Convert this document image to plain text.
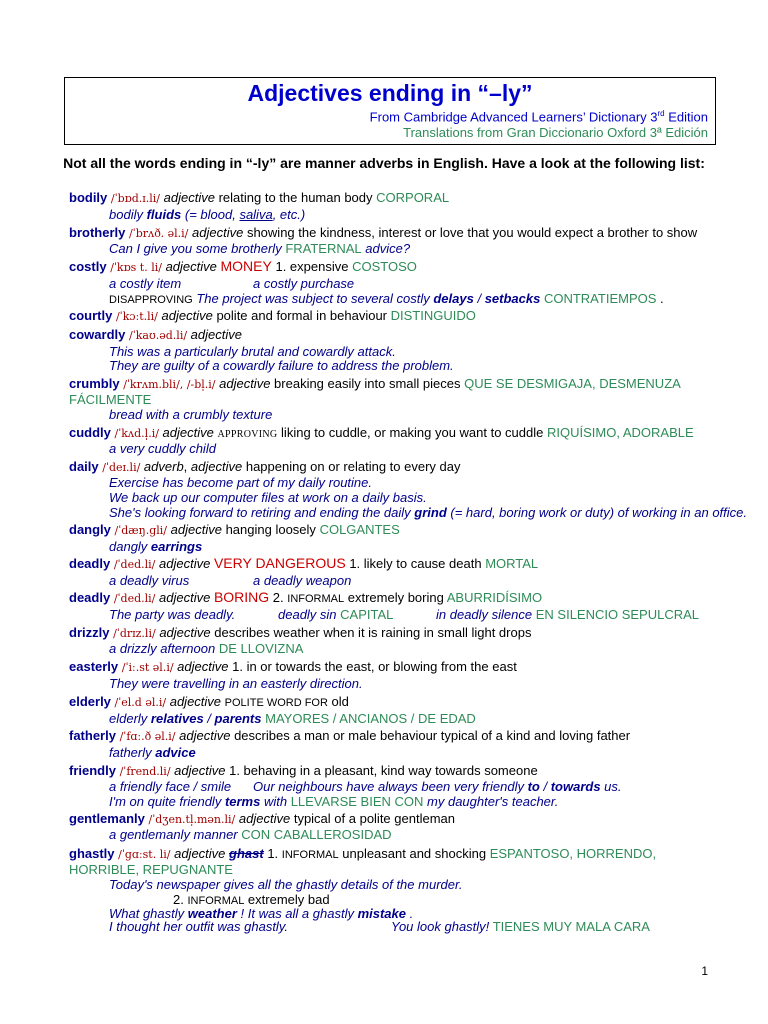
Adjectives ending in “–ly”
From Cambridge Advanced Learners’ Dictionary 3rd Edition
Translations from Gran Diccionario Oxford 3ª Edición
Not all the words ending in “-ly” are manner adverbs in English. Have a look at the following list:
bodily /ˈbɒd.ɪ.li/ adjective relating to the human body CORPORAL
bodily fluids (= blood, saliva, etc.)
brotherly /ˈbrʌð. əl.i/ adjective showing the kindness, interest or love that you would expect a brother to show
Can I give you some brotherly FRATERNAL advice?
costly /ˈkɒs t. li/ adjective MONEY 1. expensive COSTOSO
a costly item	a costly purchase
DISAPPROVING The project was subject to several costly delays / setbacks CONTRATIEMPOS .
courtly /ˈkɔːt.li/ adjective polite and formal in behaviour DISTINGUIDO
cowardly /ˈkaʊ.əd.li/ adjective
This was a particularly brutal and cowardly attack.
They are guilty of a cowardly failure to address the problem.
crumbly /ˈkrʌm.bli/, /-bl̩.i/ adjective breaking easily into small pieces QUE SE DESMIGAJA, DESMENUZA
FÁCILMENTE
bread with a crumbly texture
cuddly /ˈkʌd.l̩.i/ adjective APPROVING liking to cuddle, or making you want to cuddle RIQUÍSIMO, ADORABLE
a very cuddly child
daily /ˈdeɪ.li/ adverb, adjective happening on or relating to every day
Exercise has become part of my daily routine.
We back up our computer files at work on a daily basis.
She's looking forward to retiring and ending the daily grind (= hard, boring work or duty) of working in an office.
dangly /ˈdæŋ.gli/ adjective hanging loosely COLGANTES
dangly earrings
deadly /ˈded.li/ adjective VERY DANGEROUS 1. likely to cause death MORTAL
a deadly virus	a deadly weapon
deadly /ˈded.li/ adjective BORING 2. INFORMAL extremely boring ABURRIDÍSIMO
The party was deadly.	deadly sin CAPITAL	in deadly silence EN SILENCIO SEPULCRAL
drizzly /ˈdrɪz.li/ adjective describes weather when it is raining in small light drops
a drizzly afternoon DE LLOVIZNA
easterly /ˈiː.st əl.i/ adjective 1. in or towards the east, or blowing from the east
They were travelling in an easterly direction.
elderly /ˈel.d əl.i/ adjective POLITE WORD FOR old
elderly relatives / parents MAYORES / ANCIANOS / DE EDAD
fatherly /ˈfɑː.ð əl.i/ adjective describes a man or male behaviour typical of a kind and loving father
fatherly advice
friendly /ˈfrend.li/ adjective 1. behaving in a pleasant, kind way towards someone
a friendly face / smile Our neighbours have always been very friendly to / towards us.
I'm on quite friendly terms with LLEVARSE BIEN CON my daughter's teacher.
gentlemanly /ˈdʒen.tl̩.mən.li/ adjective typical of a polite gentleman
a gentlemanly manner CON CABALLEROSIDAD
ghastly /ˈgɑːst. li/ adjective ghast 1. INFORMAL unpleasant and shocking ESPANTOSO, HORRENDO,
HORRIBLE, REPUGNANTE
Today's newspaper gives all the ghastly details of the murder.
2. INFORMAL extremely bad
What ghastly weather ! It was all a ghastly mistake .
I thought her outfit was ghastly.	You look ghastly! TIENES MUY MALA CARA
1
